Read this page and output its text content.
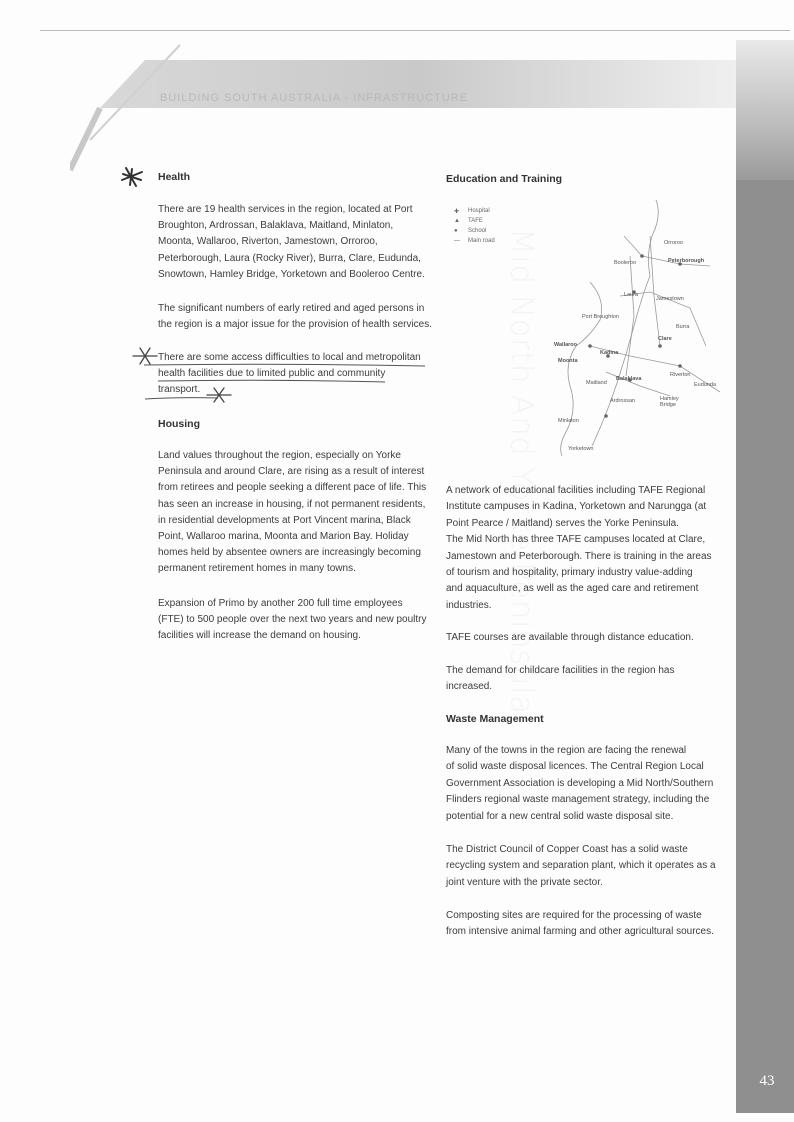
BUILDING SOUTH AUSTRALIA - INFRASTRUCTURE
Mid North And Yorke Peninsula
43
Health

There are 19 health services in the region, located at Port

Broughton, Ardrossan, Balaklava, Maitland, Minlaton,

Moonta, Wallaroo, Riverton, Jamestown, Orroroo,

Peterborough, Laura (Rocky River), Burra, Clare, Eudunda,

Snowtown, Hamley Bridge, Yorketown and Booleroo Centre.

The significant numbers of early retired and aged persons in

the region is a major issue for the provision of health services.

There are some access difficulties to local and metropolitan

health facilities due to limited public and community

transport.

Housing

Land values throughout the region, especially on Yorke

Peninsula and around Clare, are rising as a result of interest

from retirees and people seeking a different pace of life. This

has seen an increase in housing, if not permanent residents,

in residential developments at Port Vincent marina, Black

Point, Wallaroo marina, Moonta and Marion Bay. Holiday

homes held by absentee owners are increasingly becoming

permanent retirement homes in many towns.

Expansion of Primo by another 200 full time employees

(FTE) to 500 people over the next two years and new poultry

facilities will increase the demand on housing.

Education and Training
✚	Hospital
▲	TAFE
●	School
—	Main road	Orroroo
Booleroo	Peterborough
Laura
Jamestown
Port Broughton
Burra
Clare
Wallaroo
Kadina
Moonta
Balaklava
Riverton
Maitland	Eudunda
Ardrossan	Hamley Bridge
Minlaton
Yorketown

A network of educational facilities including TAFE Regional

Institute campuses in Kadina, Yorketown and Narungga (at

Point Pearce / Maitland) serves the Yorke Peninsula.

The Mid North has three TAFE campuses located at Clare,

Jamestown and Peterborough. There is training in the areas

of tourism and hospitality, primary industry value-adding

and aquaculture, as well as the aged care and retirement

industries.

TAFE courses are available through distance education.

The demand for childcare facilities in the region has

increased.

Waste Management

Many of the towns in the region are facing the renewal

of solid waste disposal licences. The Central Region Local

Government Association is developing a Mid North/Southern

Flinders regional waste management strategy, including the

potential for a new central solid waste disposal site.

The District Council of Copper Coast has a solid waste

recycling system and separation plant, which it operates as a

joint venture with the private sector.

Composting sites are required for the processing of waste

from intensive animal farming and other agricultural sources.
